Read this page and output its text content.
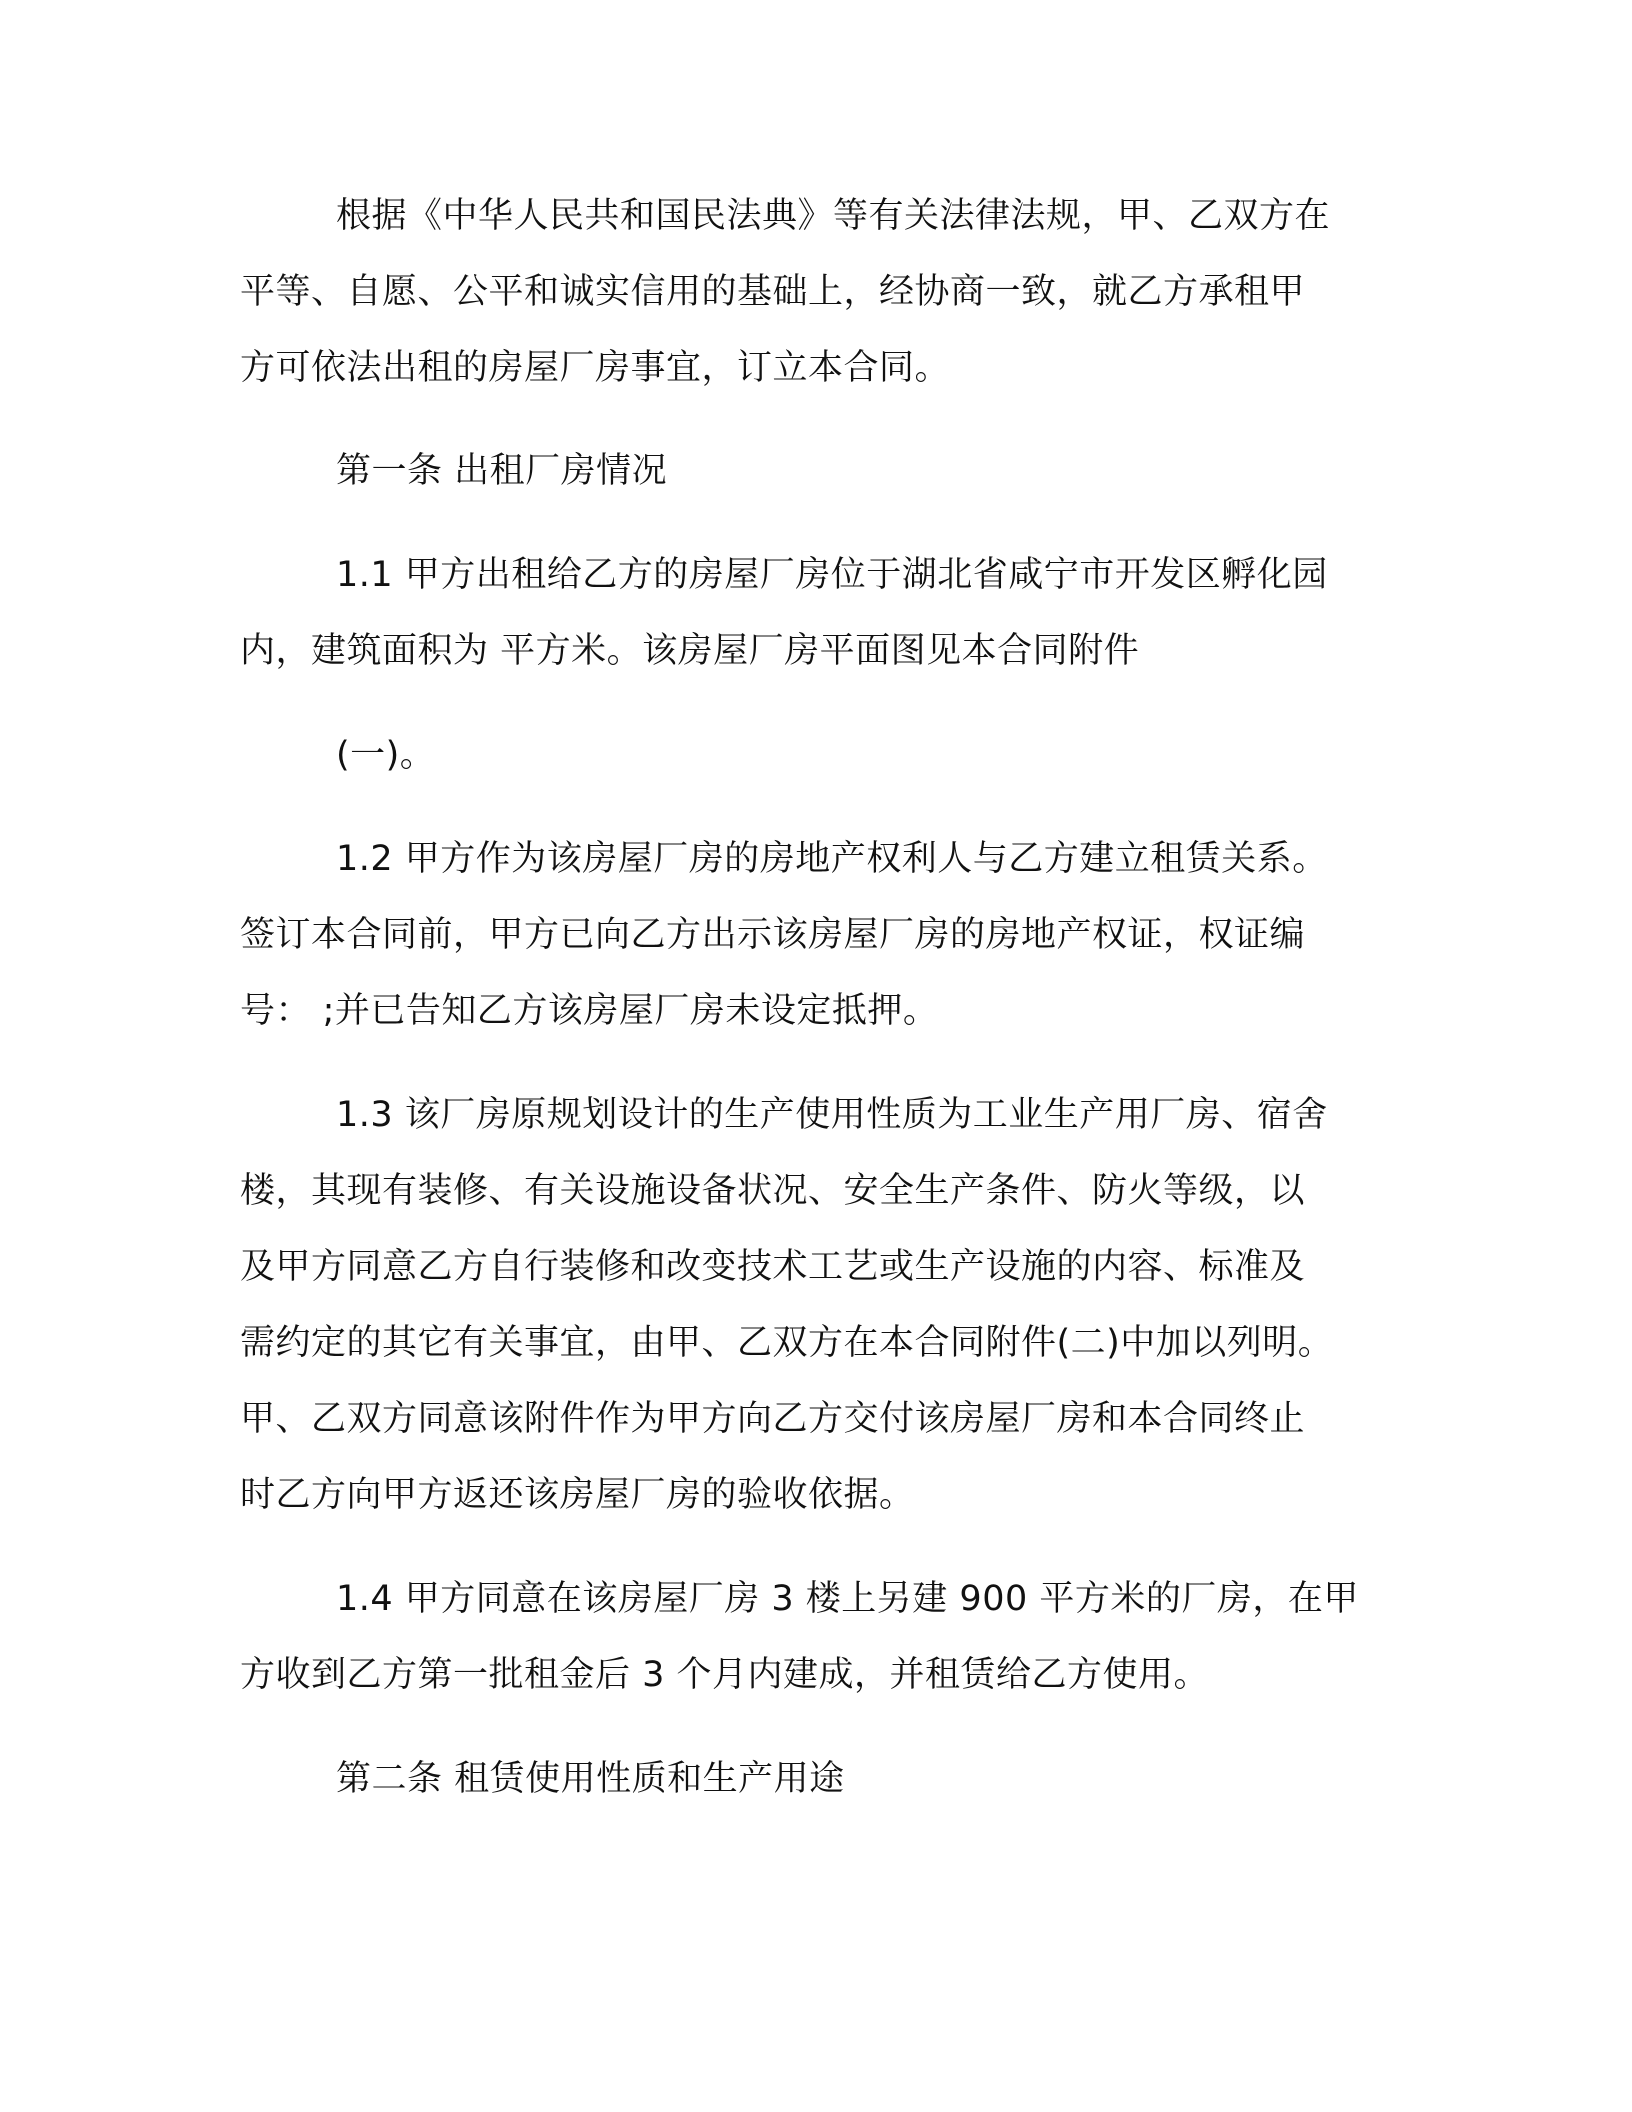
根据《中华人民共和国民法典》等有关法律法规，甲、乙双方在
平等、自愿、公平和诚实信用的基础上，经协商一致，就乙方承租甲
方可依法出租的房屋厂房事宜，订立本合同。
第一条 出租厂房情况
1.1 甲方出租给乙方的房屋厂房位于湖北省咸宁市开发区孵化园
内，建筑面积为 平方米。该房屋厂房平面图见本合同附件
(一)。
1.2 甲方作为该房屋厂房的房地产权利人与乙方建立租赁关系。
签订本合同前，甲方已向乙方出示该房屋厂房的房地产权证，权证编
号： ;并已告知乙方该房屋厂房未设定抵押。
1.3 该厂房原规划设计的生产使用性质为工业生产用厂房、宿舍
楼，其现有装修、有关设施设备状况、安全生产条件、防火等级，以
及甲方同意乙方自行装修和改变技术工艺或生产设施的内容、标准及
需约定的其它有关事宜，由甲、乙双方在本合同附件(二)中加以列明。
甲、乙双方同意该附件作为甲方向乙方交付该房屋厂房和本合同终止
时乙方向甲方返还该房屋厂房的验收依据。
1.4 甲方同意在该房屋厂房 3 楼上另建 900 平方米的厂房，在甲
方收到乙方第一批租金后 3 个月内建成，并租赁给乙方使用。
第二条 租赁使用性质和生产用途
